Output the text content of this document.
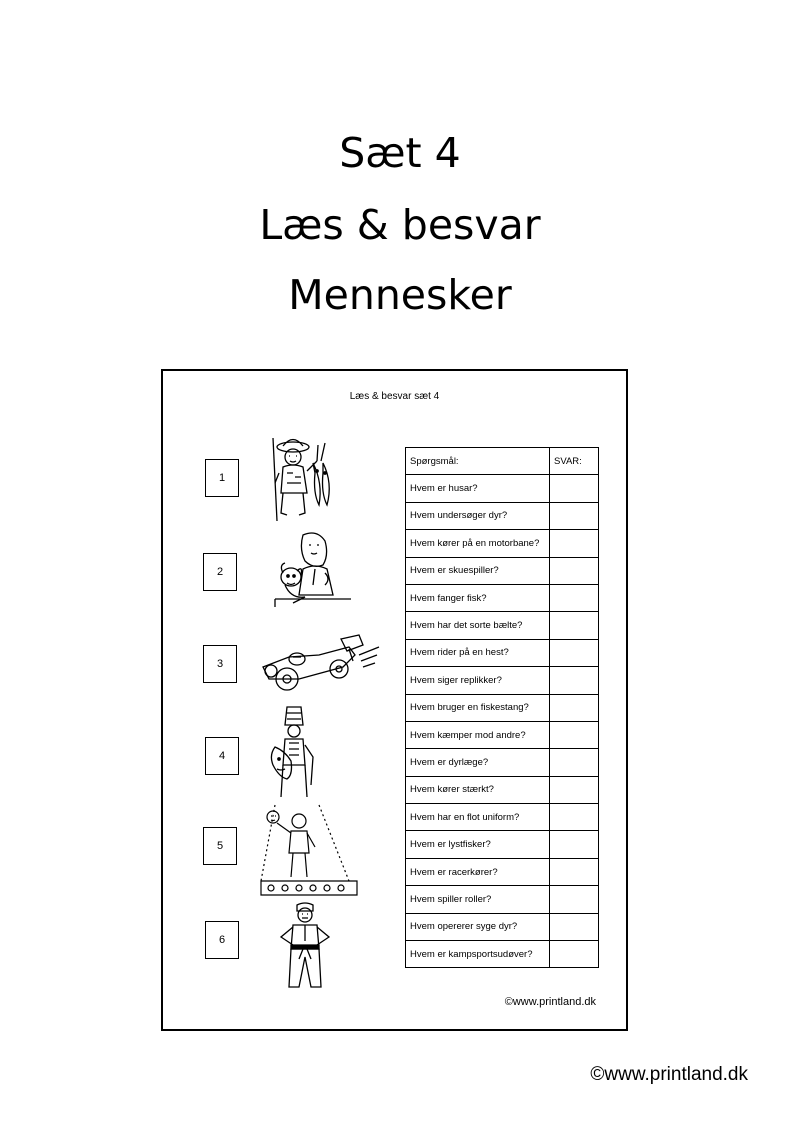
Sæt 4
Læs & besvar
Mennesker
Læs & besvar sæt 4
1
2
3
4
5
6
Spørgsmål:	SVAR:
Hvem er husar?	
Hvem undersøger dyr?	
Hvem kører på en motorbane?	
Hvem er skuespiller?	
Hvem fanger fisk?	
Hvem har det sorte bælte?	
Hvem rider på en hest?	
Hvem siger replikker?	
Hvem bruger en fiskestang?	
Hvem kæmper mod andre?	
Hvem er dyrlæge?	
Hvem kører stærkt?	
Hvem har en flot uniform?	
Hvem er lystfisker?	
Hvem er racerkører?	
Hvem spiller roller?	
Hvem opererer syge dyr?	
Hvem er kampsportsudøver?	
©www.printland.dk
©www.printland.dk
